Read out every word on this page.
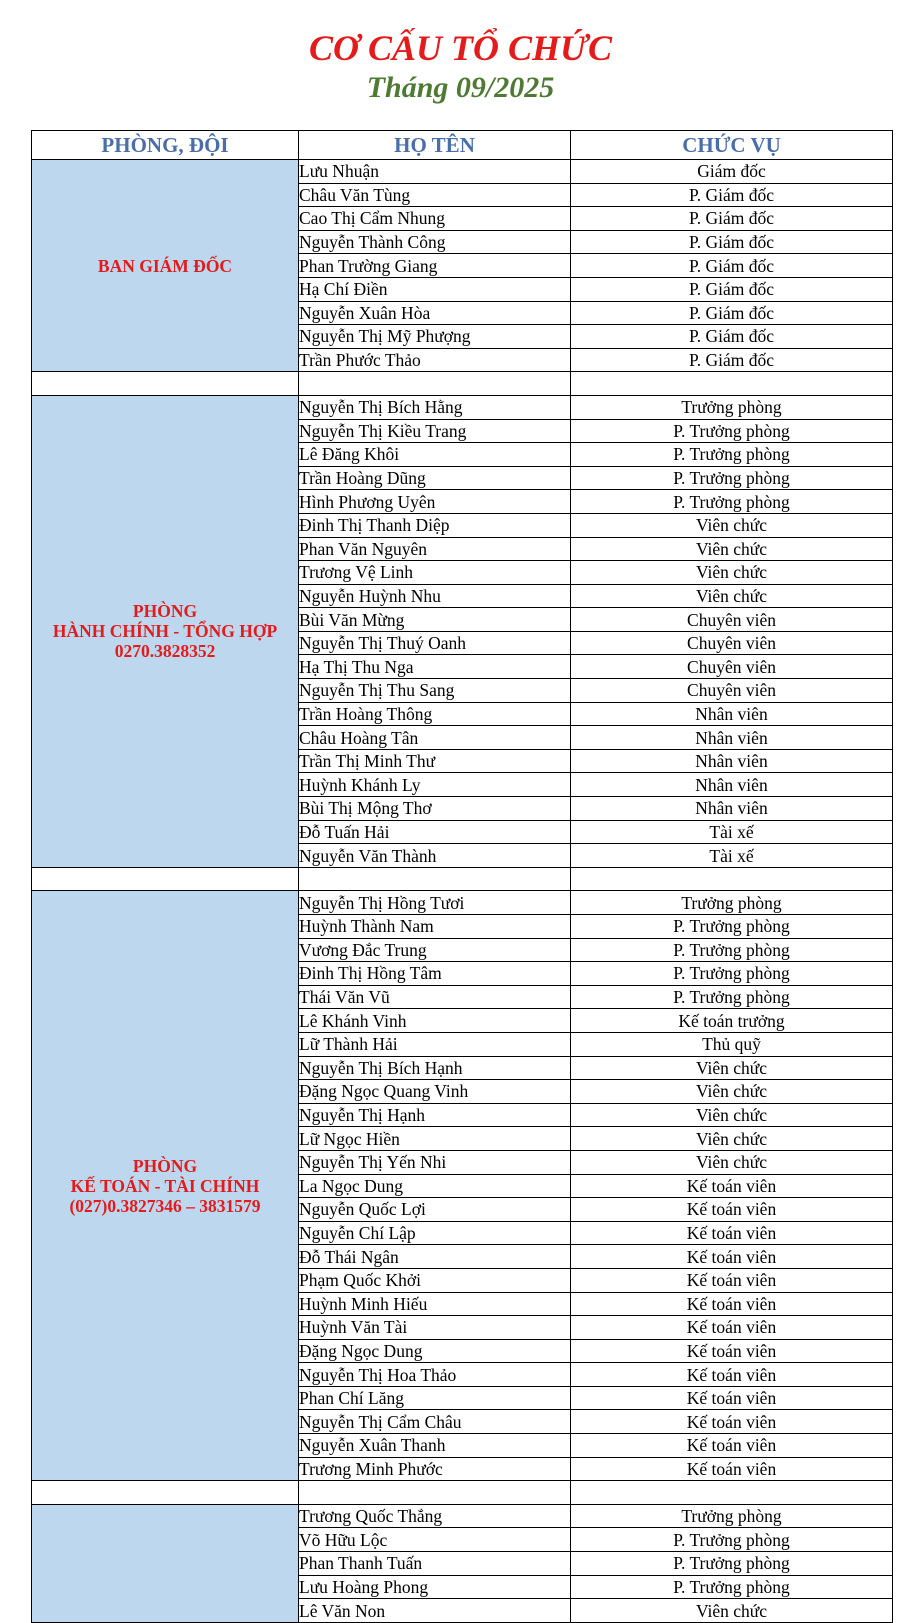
CƠ CẤU TỔ CHỨC
Tháng 09/2025
PHÒNG, ĐỘI	HỌ TÊN	CHỨC VỤ

BAN GIÁM ĐỐC	Lưu Nhuận	Giám đốc
	Châu Văn Tùng	P. Giám đốc
	Cao Thị Cẩm Nhung	P. Giám đốc
	Nguyễn Thành Công	P. Giám đốc
	Phan Trường Giang	P. Giám đốc
	Hạ Chí Điền	P. Giám đốc
	Nguyễn Xuân Hòa	P. Giám đốc
	Nguyễn Thị Mỹ Phượng	P. Giám đốc
	Trần Phước Thảo	P. Giám đốc

PHÒNG
HÀNH CHÍNH - TỔNG HỢP
0270.3828352	Nguyễn Thị Bích Hằng	Trưởng phòng
	Nguyễn Thị Kiều Trang	P. Trưởng phòng
	Lê Đăng Khôi	P. Trưởng phòng
	Trần Hoàng Dũng	P. Trưởng phòng
	Hình Phương Uyên	P. Trưởng phòng
	Đinh Thị Thanh Diệp	Viên chức
	Phan Văn Nguyên	Viên chức
	Trương Vệ Linh	Viên chức
	Nguyễn Huỳnh Nhu	Viên chức
	Bùi Văn Mừng	Chuyên viên
	Nguyễn Thị Thuý Oanh	Chuyên viên
	Hạ Thị Thu Nga	Chuyên viên
	Nguyễn Thị Thu Sang	Chuyên viên
	Trần Hoàng Thông	Nhân viên
	Châu Hoàng Tân	Nhân viên
	Trần Thị Minh Thư	Nhân viên
	Huỳnh Khánh Ly	Nhân viên
	Bùi Thị Mộng Thơ	Nhân viên
	Đỗ Tuấn Hải	Tài xế
	Nguyễn Văn Thành	Tài xế

PHÒNG
KẾ TOÁN - TÀI CHÍNH
(027)0.3827346 – 3831579	Nguyễn Thị Hồng Tươi	Trưởng phòng
	Huỳnh Thành Nam	P. Trưởng phòng
	Vương Đắc Trung	P. Trưởng phòng
	Đinh Thị Hồng Tâm	P. Trưởng phòng
	Thái Văn Vũ	P. Trưởng phòng
	Lê Khánh Vinh	Kế toán trưởng
	Lữ Thành Hải	Thủ quỹ
	Nguyễn Thị Bích Hạnh	Viên chức
	Đặng Ngọc Quang Vinh	Viên chức
	Nguyễn Thị Hạnh	Viên chức
	Lữ Ngọc Hiền	Viên chức
	Nguyễn Thị Yến Nhi	Viên chức
	La Ngọc Dung	Kế toán viên
	Nguyễn Quốc Lợi	Kế toán viên
	Nguyễn Chí Lập	Kế toán viên
	Đỗ Thái Ngân	Kế toán viên
	Phạm Quốc Khởi	Kế toán viên
	Huỳnh Minh Hiếu	Kế toán viên
	Huỳnh Văn Tài	Kế toán viên
	Đặng Ngọc Dung	Kế toán viên
	Nguyễn Thị Hoa Thảo	Kế toán viên
	Phan Chí Lăng	Kế toán viên
	Nguyễn Thị Cẩm Châu	Kế toán viên
	Nguyễn Xuân Thanh	Kế toán viên
	Trương Minh Phước	Kế toán viên

	Trương Quốc Thắng	Trưởng phòng
	Võ Hữu Lộc	P. Trưởng phòng
	Phan Thanh Tuấn	P. Trưởng phòng
	Lưu Hoàng Phong	P. Trưởng phòng
	Lê Văn Non	Viên chức
